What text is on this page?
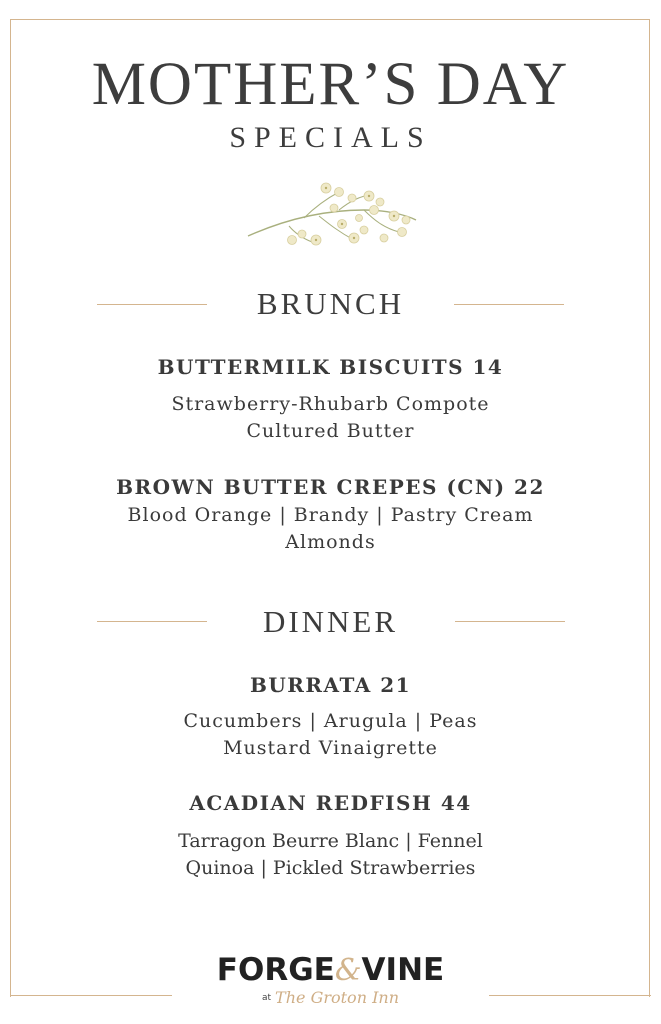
MOTHER’S DAY
SPECIALS
BRUNCH
BUTTERMILK BISCUITS 14
Strawberry-Rhubarb Compote
Cultured Butter
BROWN BUTTER CREPES (CN) 22
Blood Orange | Brandy | Pastry Cream
Almonds
DINNER
BURRATA 21
Cucumbers | Arugula | Peas
Mustard Vinaigrette
ACADIAN REDFISH 44
Tarragon Beurre Blanc | Fennel
Quinoa | Pickled Strawberries
FORGE&VINE
at The Groton Inn
